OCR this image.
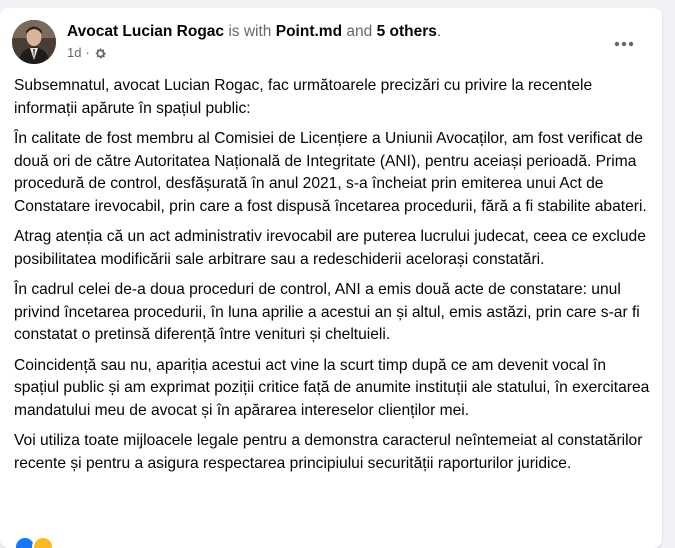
Avocat Lucian Rogac is with Point.md and 5 others.
1d ·

Subsemnatul, avocat Lucian Rogac, fac următoarele precizări cu privire la recentele informații apărute în spațiul public:

În calitate de fost membru al Comisiei de Licențiere a Uniunii Avocaților, am fost verificat de două ori de către Autoritatea Națională de Integritate (ANI), pentru aceiași perioadă. Prima procedură de control, desfășurată în anul 2021, s-a încheiat prin emiterea unui Act de Constatare irevocabil, prin care a fost dispusă încetarea procedurii, fără a fi stabilite abateri.

Atrag atenția că un act administrativ irevocabil are puterea lucrului judecat, ceea ce exclude posibilitatea modificării sale arbitrare sau a redeschiderii acelorași constatări.

În cadrul celei de-a doua proceduri de control, ANI a emis două acte de constatare: unul privind încetarea procedurii, în luna aprilie a acestui an și altul, emis astăzi, prin care s-ar fi constatat o pretinsă diferență între venituri și cheltuieli.

Coincidență sau nu, apariția acestui act vine la scurt timp după ce am devenit vocal în spațiul public și am exprimat poziții critice față de anumite instituții ale statului, în exercitarea mandatului meu de avocat și în apărarea intereselor clienților mei.

Voi utiliza toate mijloacele legale pentru a demonstra caracterul neîntemeiat al constatărilor recente și pentru a asigura respectarea principiului securității raporturilor juridice.
